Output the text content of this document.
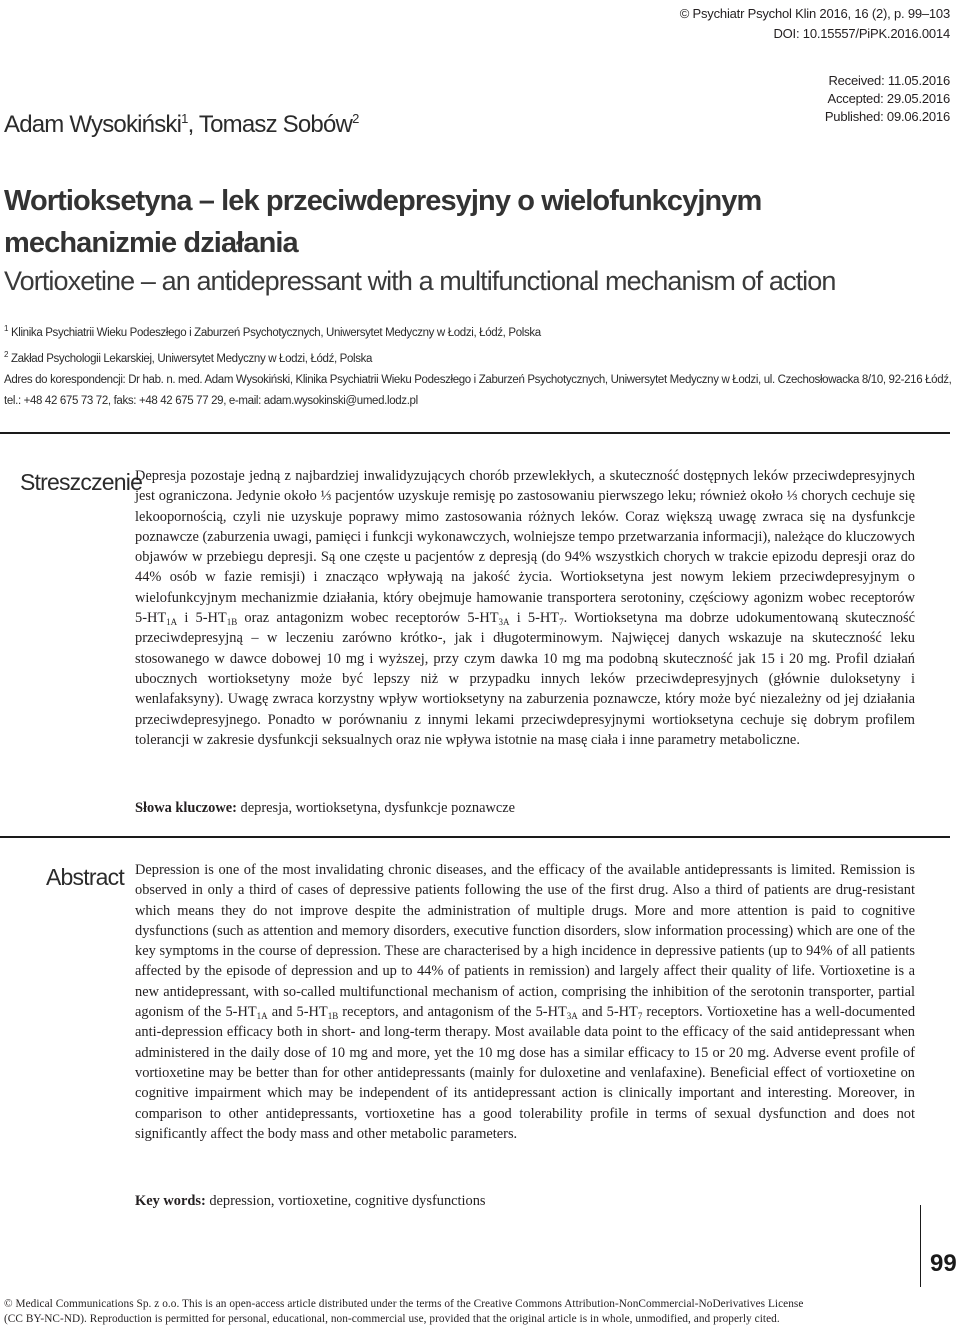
© Psychiatr Psychol Klin 2016, 16 (2), p. 99–103
DOI: 10.15557/PiPK.2016.0014
Received: 11.05.2016
Accepted: 29.05.2016
Published: 09.06.2016
Adam Wysokiński$^1$, Tomasz Sobów$^2$
Wortioksetyna – lek przeciwdepresyjny o wielofunkcyjnym
mechanizmie działania
Vortioxetine – an antidepressant with a multifunctional mechanism of action
$^1$ Klinika Psychiatrii Wieku Podeszłego i Zaburzeń Psychotycznych, Uniwersytet Medyczny w Łodzi, Łódź, Polska
$^2$ Zakład Psychologii Lekarskiej, Uniwersytet Medyczny w Łodzi, Łódź, Polska
Adres do korespondencji: Dr hab. n. med. Adam Wysokiński, Klinika Psychiatrii Wieku Podeszłego i Zaburzeń Psychotycznych, Uniwersytet Medyczny w Łodzi, ul. Czechosłowacka 8/10, 92-216 Łódź,
tel.: +48 42 675 73 72, faks: +48 42 675 77 29, e-mail: adam.wysokinski@umed.lodz.pl
Streszczenie
Depresja pozostaje jedną z najbardziej inwalidyzujących chorób przewlekłych, a skuteczność dostępnych leków przeciwdepresyjnych jest ograniczona. Jedynie około ⅓ pacjentów uzyskuje remisję po zastosowaniu pierwszego leku; również około ⅓ chorych cechuje się lekoopornością, czyli nie uzyskuje poprawy mimo zastosowania różnych leków. Coraz większą uwagę zwraca się na dysfunkcje poznawcze (zaburzenia uwagi, pamięci i funkcji wykonawczych, wolniejsze tempo przetwarzania informacji), należące do kluczowych objawów w przebiegu depresji. Są one częste u pacjentów z depresją (do 94% wszystkich chorych w trakcie epizodu depresji oraz do 44% osób w fazie remisji) i znacząco wpływają na jakość życia. Wortioksetyna jest nowym lekiem przeciwdepresyjnym o wielofunkcyjnym mechanizmie działania, który obejmuje hamowanie transportera serotoniny, częściowy agonizm wobec receptorów $5-HT_{1A}$ i $5-HT_{1B}$ oraz antagonizm wobec receptorów $5-HT_{3A}$ i $5-HT_7$. Wortioksetyna ma dobrze udokumentowaną skuteczność przeciwdepresyjną – w leczeniu zarówno krótko-, jak i długoterminowym. Najwięcej danych wskazuje na skuteczność leku stosowanego w dawce dobowej 10 mg i wyższej, przy czym dawka 10 mg ma podobną skuteczność jak 15 i 20 mg. Profil działań ubocznych wortioksetyny może być lepszy niż w przypadku innych leków przeciwdepresyjnych (głównie duloksetyny i wenlafaksyny). Uwagę zwraca korzystny wpływ wortioksetyny na zaburzenia poznawcze, który może być niezależny od jej działania przeciwdepresyjnego. Ponadto w porównaniu z innymi lekami przeciwdepresyjnymi wortioksetyna cechuje się dobrym profilem tolerancji w zakresie dysfunkcji seksualnych oraz nie wpływa istotnie na masę ciała i inne parametry metaboliczne.
Słowa kluczowe: depresja, wortioksetyna, dysfunkcje poznawcze
Abstract Depression is one of the most invalidating chronic diseases, and the efficacy of the available antidepressants is limited. Remission is observed in only a third of cases of depressive patients following the use of the first drug. Also a third of patients are drug-resistant which means they do not improve despite the administration of multiple drugs. More and more attention is paid to cognitive dysfunctions (such as attention and memory disorders, executive function disorders, slow information processing) which are one of the key symptoms in the course of depression. These are characterised by a high incidence in depressive patients (up to 94% of all patients affected by the episode of depression and up to 44% of patients in remission) and largely affect their quality of life. Vortioxetine is a new antidepressant, with so-called multifunctional mechanism of action, comprising the inhibition of the serotonin transporter, partial agonism of the $5-HT_{1A}$ and $5-HT_{1B}$ receptors, and antagonism of the $5-HT_{3A}$ and $5-HT_7$ receptors. Vortioxetine has a well-documented anti-depression efficacy both in short- and long-term therapy. Most available data point to the efficacy of the said antidepressant when administered in the daily dose of 10 mg and more, yet the 10 mg dose has a similar efficacy to 15 or 20 mg. Adverse event profile of vortioxetine may be better than for other antidepressants (mainly for duloxetine and venlafaxine). Beneficial effect of vortioxetine on cognitive impairment which may be independent of its antidepressant action is clinically important and interesting. Moreover, in comparison to other antidepressants, vortioxetine has a good tolerability profile in terms of sexual dysfunction and does not significantly affect the body mass and other metabolic parameters.
Key words: depression, vortioxetine, cognitive dysfunctions
99
© Medical Communications Sp. z o.o. This is an open-access article distributed under the terms of the Creative Commons Attribution-NonCommercial-NoDerivatives License
(CC BY-NC-ND). Reproduction is permitted for personal, educational, non-commercial use, provided that the original article is in whole, unmodified, and properly cited.
